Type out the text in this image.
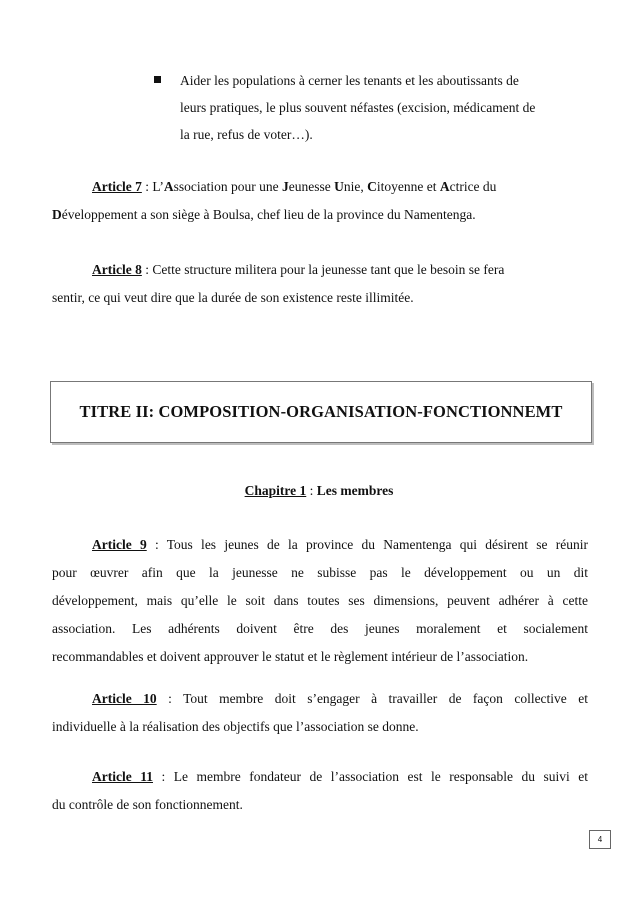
Aider les populations à cerner les tenants et les aboutissants de
leurs pratiques, le plus souvent néfastes (excision, médicament de
la rue, refus de voter…).

Article 7 : L’Association pour une Jeunesse Unie, Citoyenne et Actrice du
Développement a son siège à Boulsa, chef lieu de la province du Namentenga.

Article 8 : Cette structure militera pour la jeunesse tant que le besoin se fera
sentir, ce qui veut dire que la durée de son existence reste illimitée.

TITRE II: COMPOSITION-ORGANISATION-FONCTIONNEMT
Chapitre 1 : Les membres

Article 9 : Tous les jeunes de la province du Namentenga qui désirent se réunir
pour œuvrer afin que la jeunesse ne subisse pas le développement ou un dit
développement, mais qu’elle le soit dans toutes ses dimensions, peuvent adhérer à cette
association. Les adhérents doivent être des jeunes moralement et socialement
recommandables et doivent approuver le statut et le règlement intérieur de l’association.

Article 10 : Tout membre doit s’engager à travailler de façon collective et
individuelle à la réalisation des objectifs que l’association se donne.

Article 11 : Le membre fondateur de l’association est le responsable du suivi et
du contrôle de son fonctionnement.

4
